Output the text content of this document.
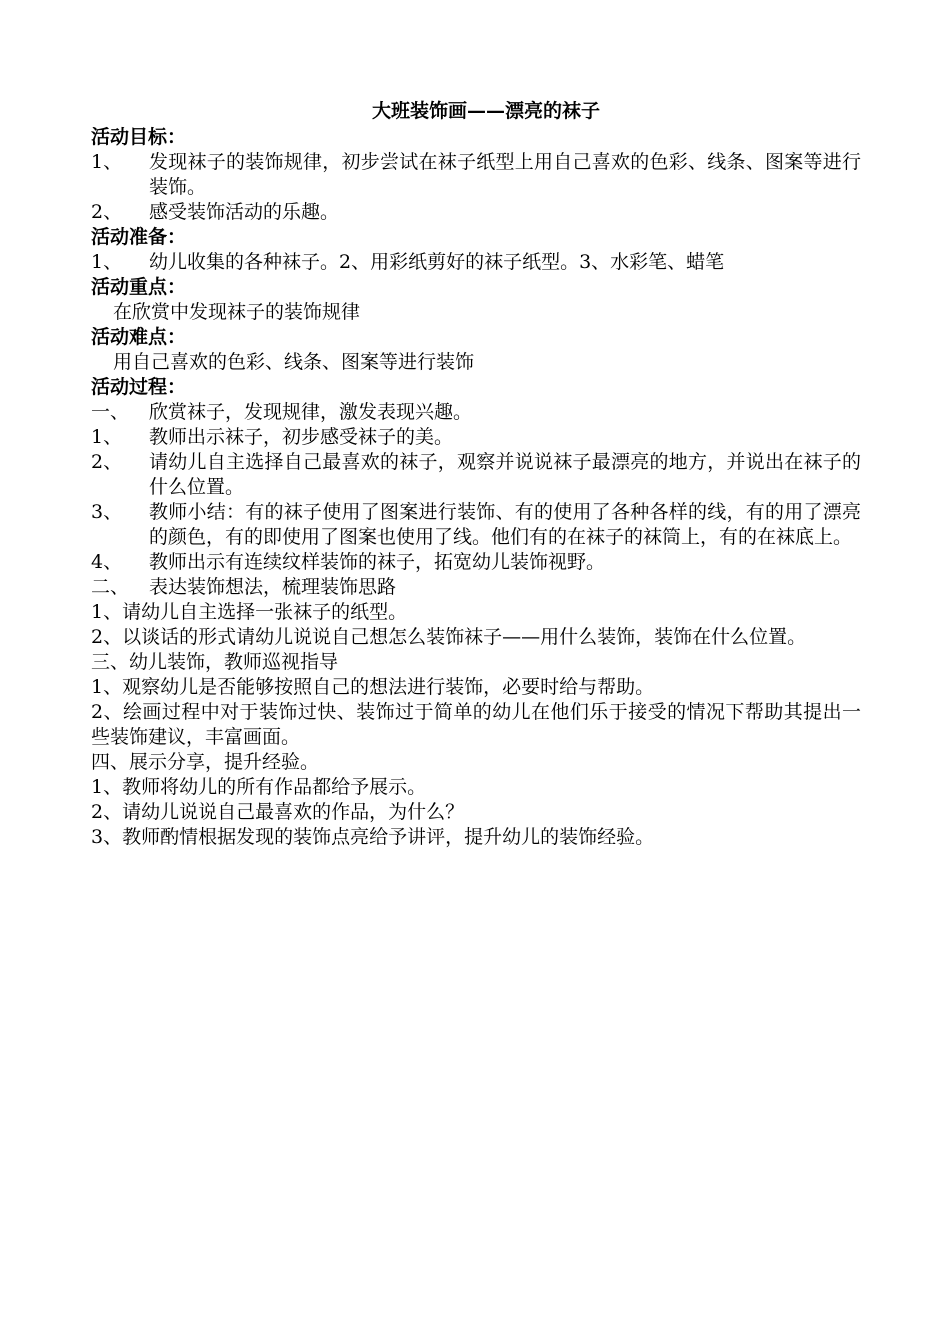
大班装饰画——漂亮的袜子
活动目标：
1、	发现袜子的装饰规律，初步尝试在袜子纸型上用自己喜欢的色彩、线条、图案等进行装饰。
2、	感受装饰活动的乐趣。
活动准备：
1、	幼儿收集的各种袜子。2、用彩纸剪好的袜子纸型。3、水彩笔、蜡笔
活动重点：
在欣赏中发现袜子的装饰规律
活动难点：
用自己喜欢的色彩、线条、图案等进行装饰
活动过程：
一、	欣赏袜子，发现规律，激发表现兴趣。
1、	教师出示袜子，初步感受袜子的美。
2、	请幼儿自主选择自己最喜欢的袜子，观察并说说袜子最漂亮的地方，并说出在袜子的什么位置。
3、	教师小结：有的袜子使用了图案进行装饰、有的使用了各种各样的线，有的用了漂亮的颜色，有的即使用了图案也使用了线。他们有的在袜子的袜筒上，有的在袜底上。
4、	教师出示有连续纹样装饰的袜子，拓宽幼儿装饰视野。
二、	表达装饰想法，梳理装饰思路
1、请幼儿自主选择一张袜子的纸型。
2、以谈话的形式请幼儿说说自己想怎么装饰袜子——用什么装饰，装饰在什么位置。
三、幼儿装饰，教师巡视指导
1、观察幼儿是否能够按照自己的想法进行装饰，必要时给与帮助。
2、绘画过程中对于装饰过快、装饰过于简单的幼儿在他们乐于接受的情况下帮助其提出一些装饰建议，丰富画面。
四、展示分享，提升经验。
1、教师将幼儿的所有作品都给予展示。
2、请幼儿说说自己最喜欢的作品，为什么？
3、教师酌情根据发现的装饰点亮给予讲评，提升幼儿的装饰经验。
